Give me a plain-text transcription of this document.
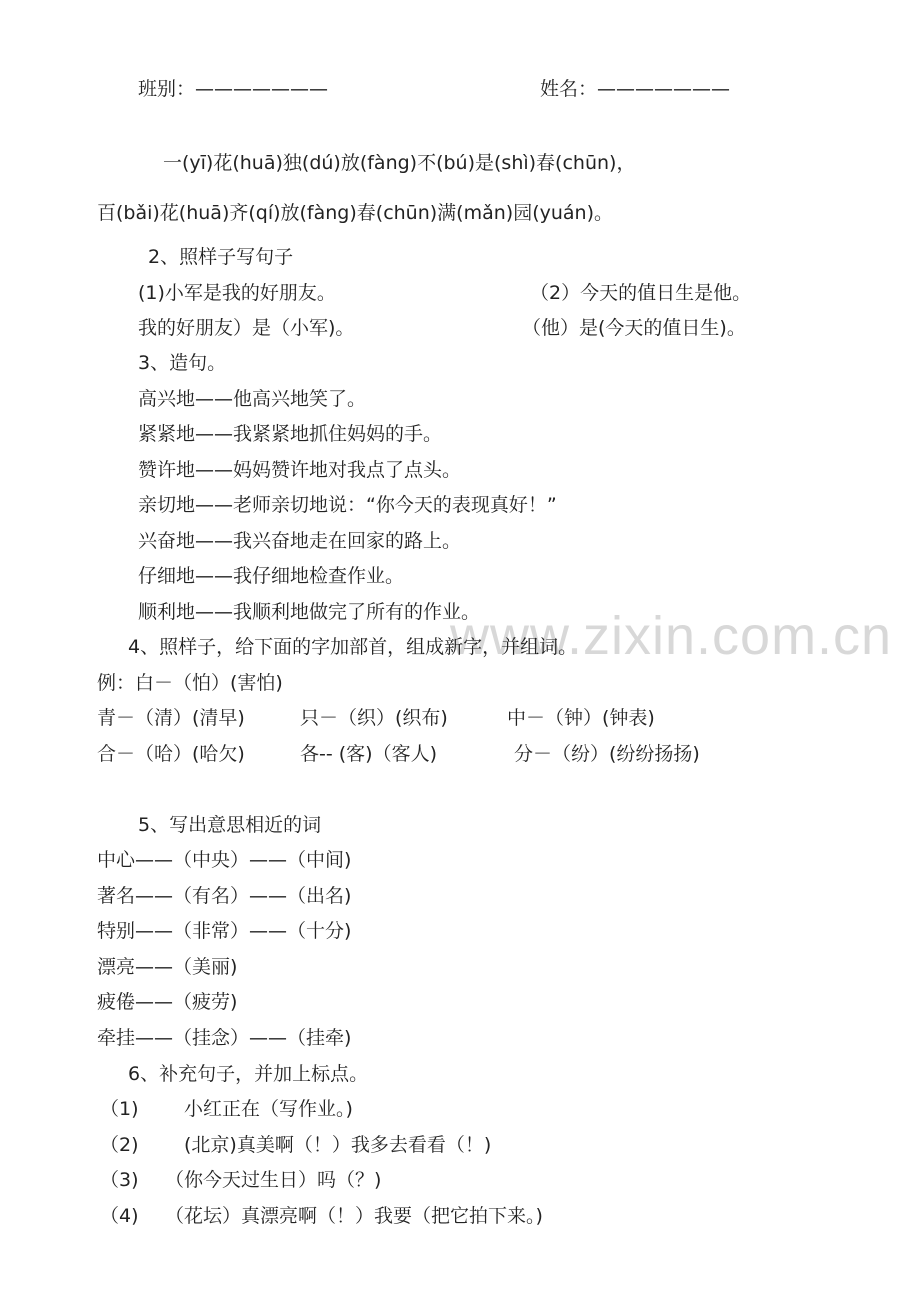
班别：———————	姓名：———————
一(yī)花(huā)独(dú)放(fàng)不(bú)是(shì)春(chūn)，
百(bǎi)花(huā)齐(qí)放(fàng)春(chūn)满(mǎn)园(yuán)。
2、照样子写句子
(1)小军是我的好朋友。	（2）今天的值日生是他。
我的好朋友）是（小军)。	（他）是(今天的值日生)。
3、造句。
高兴地——他高兴地笑了。
紧紧地——我紧紧地抓住妈妈的手。
赞许地——妈妈赞许地对我点了点头。
亲切地——老师亲切地说：“你今天的表现真好！”
兴奋地——我兴奋地走在回家的路上。
仔细地——我仔细地检查作业。
顺利地——我顺利地做完了所有的作业。
www.zixin.com.cn
4、照样子，给下面的字加部首，组成新字，并组词。
例：白－（怕）(害怕)
青－（清）(清早)	只－（织）(织布)	中－（钟）(钟表)
合－（哈）(哈欠)	各-- (客)（客人)	分－（纷）(纷纷扬扬)
5、写出意思相近的词
中心——（中央）——（中间)
著名——（有名）——（出名)
特别——（非常）——（十分)
漂亮——（美丽)
疲倦——（疲劳)
牵挂——（挂念）——（挂牵)
6、补充句子，并加上标点。
（1) 小红正在（写作业。)
（2) (北京)真美啊（！）我多去看看（！)
（3) （你今天过生日）吗（？)
（4) （花坛）真漂亮啊（！）我要（把它拍下来。)
